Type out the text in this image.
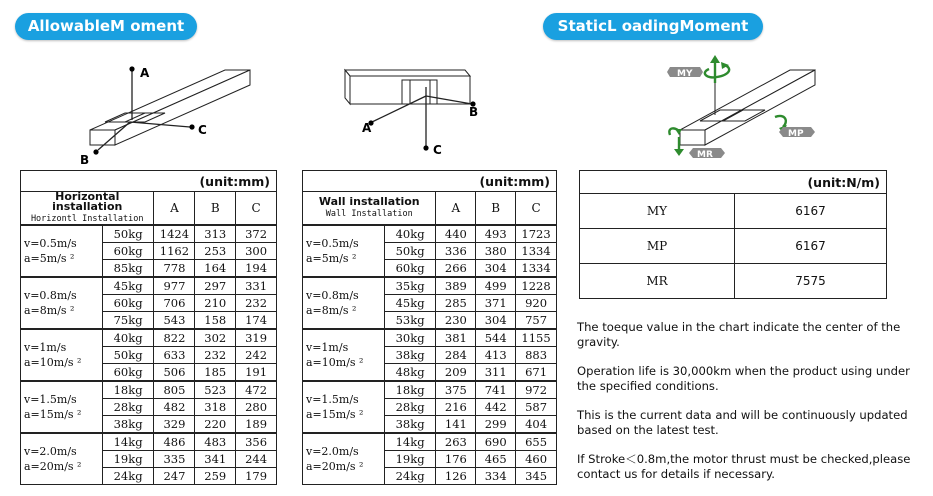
AllowableM oment	StaticL oadingMoment
A
C
B
C
B
A
MY
MP
MR
(unit:mm)				
Horizontal installation
Horizontl Installation		A	B	C

v=0.5m/s
a=5m/s ²	50kg	1424	313	372
	60kg	1162	253	300
	85kg	778	164	194

v=0.8m/s
a=8m/s ²	45kg	977	297	331
	60kg	706	210	232
	75kg	543	158	174

v=1m/s
a=10m/s ²	40kg	822	302	319
	50kg	633	232	242
	60kg	506	185	191

v=1.5m/s
a=15m/s ²	18kg	805	523	472
	28kg	482	318	280
	38kg	329	220	189

v=2.0m/s
a=20m/s ²	14kg	486	483	356
	19kg	335	341	244
	24kg	247	259	179
(unit:mm)				
Wall installation
Wall Installation		A	B	C

v=0.5m/s
a=5m/s ²	40kg	440	493	1723
	50kg	336	380	1334
	60kg	266	304	1334

v=0.8m/s
a=8m/s ²	35kg	389	499	1228
	45kg	285	371	920
	53kg	230	304	757

v=1m/s
a=10m/s ²	30kg	381	544	1155
	38kg	284	413	883
	48kg	209	311	671

v=1.5m/s
a=15m/s ²	18kg	375	741	972
	28kg	216	442	587
	38kg	141	299	404

v=2.0m/s
a=20m/s ²	14kg	263	690	655
	19kg	176	465	460
	24kg	126	334	345
(unit:N/m)	
MY	6167
MP	6167
MR	7575

The toeque value in the chart indicate the center of the gravity.

Operation life is 30,000km when the product using under the specified conditions.

This is the current data and will be continuously updated based on the latest test.

If Stroke＜0.8m,the motor thrust must be checked,please contact us for details if necessary.
